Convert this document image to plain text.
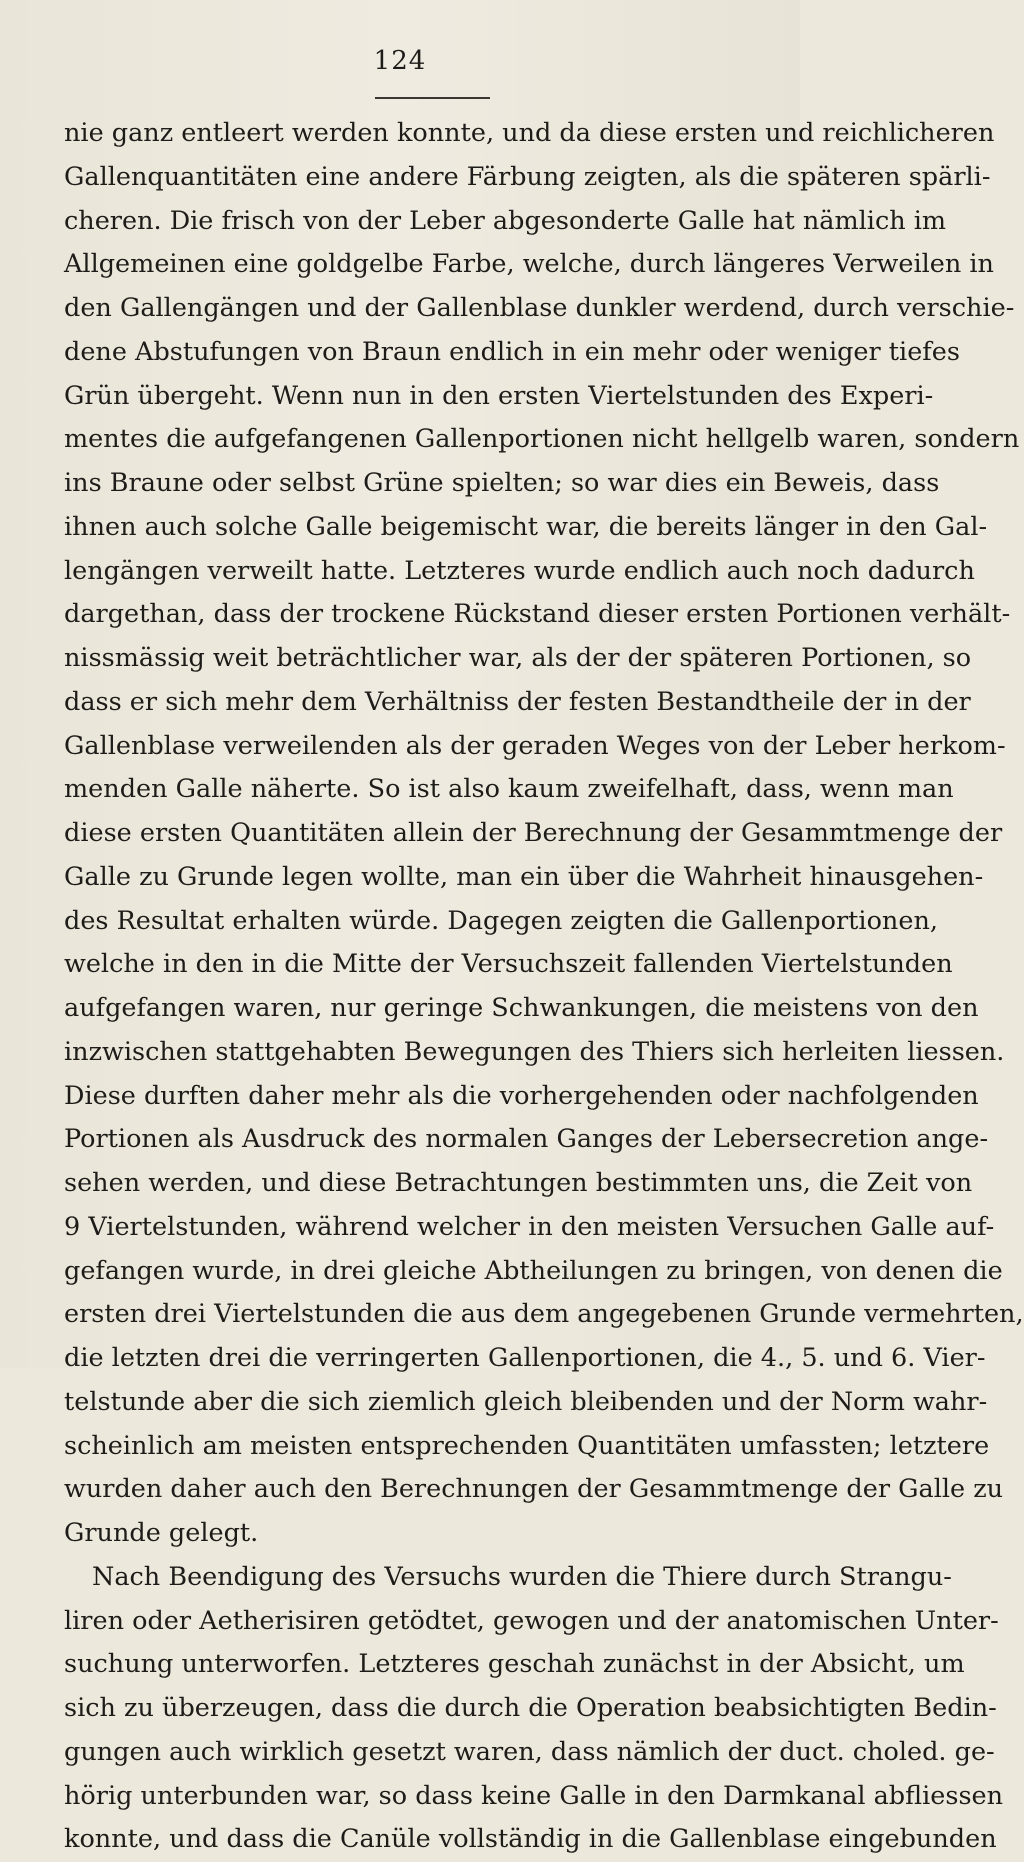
124
nie ganz entleert werden konnte, und da diese ersten und reichlicheren
Gallenquantitäten eine andere Färbung zeigten, als die späteren spärli-
cheren. Die frisch von der Leber abgesonderte Galle hat nämlich im
Allgemeinen eine goldgelbe Farbe, welche, durch längeres Verweilen in
den Gallengängen und der Gallenblase dunkler werdend, durch verschie-
dene Abstufungen von Braun endlich in ein mehr oder weniger tiefes
Grün übergeht. Wenn nun in den ersten Viertelstunden des Experi-
mentes die aufgefangenen Gallenportionen nicht hellgelb waren, sondern
ins Braune oder selbst Grüne spielten; so war dies ein Beweis, dass
ihnen auch solche Galle beigemischt war, die bereits länger in den Gal-
lengängen verweilt hatte. Letzteres wurde endlich auch noch dadurch
dargethan, dass der trockene Rückstand dieser ersten Portionen verhält-
nissmässig weit beträchtlicher war, als der der späteren Portionen, so
dass er sich mehr dem Verhältniss der festen Bestandtheile der in der
Gallenblase verweilenden als der geraden Weges von der Leber herkom-
menden Galle näherte. So ist also kaum zweifelhaft, dass, wenn man
diese ersten Quantitäten allein der Berechnung der Gesammtmenge der
Galle zu Grunde legen wollte, man ein über die Wahrheit hinausgehen-
des Resultat erhalten würde. Dagegen zeigten die Gallenportionen,
welche in den in die Mitte der Versuchszeit fallenden Viertelstunden
aufgefangen waren, nur geringe Schwankungen, die meistens von den
inzwischen stattgehabten Bewegungen des Thiers sich herleiten liessen.
Diese durften daher mehr als die vorhergehenden oder nachfolgenden
Portionen als Ausdruck des normalen Ganges der Lebersecretion ange-
sehen werden, und diese Betrachtungen bestimmten uns, die Zeit von
9 Viertelstunden, während welcher in den meisten Versuchen Galle auf-
gefangen wurde, in drei gleiche Abtheilungen zu bringen, von denen die
ersten drei Viertelstunden die aus dem angegebenen Grunde vermehrten,
die letzten drei die verringerten Gallenportionen, die 4., 5. und 6. Vier-
telstunde aber die sich ziemlich gleich bleibenden und der Norm wahr-
scheinlich am meisten entsprechenden Quantitäten umfassten; letztere
wurden daher auch den Berechnungen der Gesammtmenge der Galle zu
Grunde gelegt.
Nach Beendigung des Versuchs wurden die Thiere durch Strangu-
liren oder Aetherisiren getödtet, gewogen und der anatomischen Unter-
suchung unterworfen. Letzteres geschah zunächst in der Absicht, um
sich zu überzeugen, dass die durch die Operation beabsichtigten Bedin-
gungen auch wirklich gesetzt waren, dass nämlich der duct. choled. ge-
hörig unterbunden war, so dass keine Galle in den Darmkanal abfliessen
konnte, und dass die Canüle vollständig in die Gallenblase eingebunden
